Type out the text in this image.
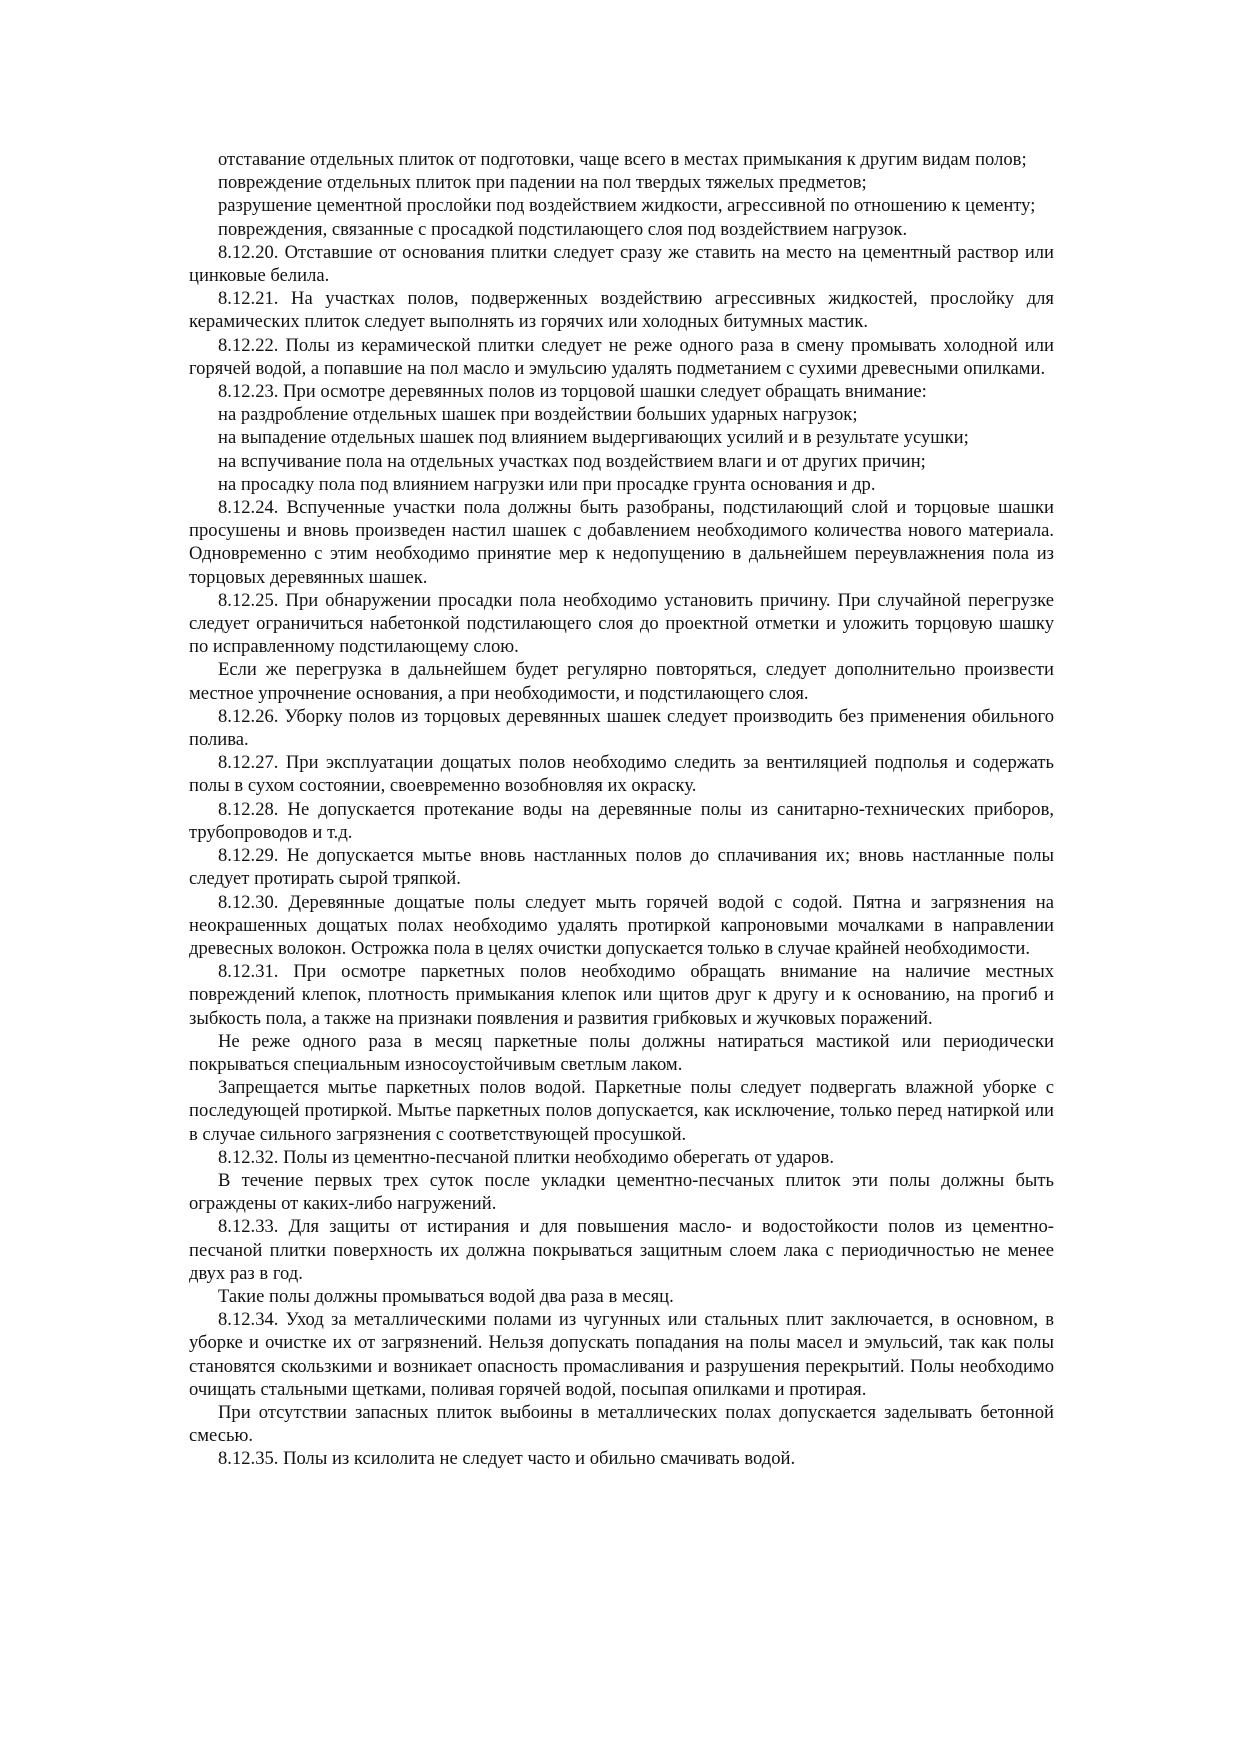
отставание отдельных плиток от подготовки, чаще всего в местах примыкания к другим видам полов;

повреждение отдельных плиток при падении на пол твердых тяжелых предметов;

разрушение цементной прослойки под воздействием жидкости, агрессивной по отношению к цементу;

повреждения, связанные с просадкой подстилающего слоя под воздействием нагрузок.

8.12.20. Отставшие от основания плитки следует сразу же ставить на место на цементный раствор или цинковые белила.

8.12.21. На участках полов, подверженных воздействию агрессивных жидкостей, прослойку для керамических плиток следует выполнять из горячих или холодных битумных мастик.

8.12.22. Полы из керамической плитки следует не реже одного раза в смену промывать холодной или горячей водой, а попавшие на пол масло и эмульсию удалять подметанием с сухими древесными опилками.

8.12.23. При осмотре деревянных полов из торцовой шашки следует обращать внимание:

на раздробление отдельных шашек при воздействии больших ударных нагрузок;

на выпадение отдельных шашек под влиянием выдергивающих усилий и в результате усушки;

на вспучивание пола на отдельных участках под воздействием влаги и от других причин;

на просадку пола под влиянием нагрузки или при просадке грунта основания и др.

8.12.24. Вспученные участки пола должны быть разобраны, подстилающий слой и торцовые шашки просушены и вновь произведен настил шашек с добавлением необходимого количества нового материала. Одновременно с этим необходимо принятие мер к недопущению в дальнейшем переувлажнения пола из торцовых деревянных шашек.

8.12.25. При обнаружении просадки пола необходимо установить причину. При случайной перегрузке следует ограничиться набетонкой подстилающего слоя до проектной отметки и уложить торцовую шашку по исправленному подстилающему слою.

Если же перегрузка в дальнейшем будет регулярно повторяться, следует дополнительно произвести местное упрочнение основания, а при необходимости, и подстилающего слоя.

8.12.26. Уборку полов из торцовых деревянных шашек следует производить без применения обильного полива.

8.12.27. При эксплуатации дощатых полов необходимо следить за вентиляцией подполья и содержать полы в сухом состоянии, своевременно возобновляя их окраску.

8.12.28. Не допускается протекание воды на деревянные полы из санитарно-технических приборов, трубопроводов и т.д.

8.12.29. Не допускается мытье вновь настланных полов до сплачивания их; вновь настланные полы следует протирать сырой тряпкой.

8.12.30. Деревянные дощатые полы следует мыть горячей водой с содой. Пятна и загрязнения на неокрашенных дощатых полах необходимо удалять протиркой капроновыми мочалками в направлении древесных волокон. Острожка пола в целях очистки допускается только в случае крайней необходимости.

8.12.31. При осмотре паркетных полов необходимо обращать внимание на наличие местных повреждений клепок, плотность примыкания клепок или щитов друг к другу и к основанию, на прогиб и зыбкость пола, а также на признаки появления и развития грибковых и жучковых поражений.

Не реже одного раза в месяц паркетные полы должны натираться мастикой или периодически покрываться специальным износоустойчивым светлым лаком.

Запрещается мытье паркетных полов водой. Паркетные полы следует подвергать влажной уборке с последующей протиркой. Мытье паркетных полов допускается, как исключение, только перед натиркой или в случае сильного загрязнения с соответствующей просушкой.

8.12.32. Полы из цементно-песчаной плитки необходимо оберегать от ударов.

В течение первых трех суток после укладки цементно-песчаных плиток эти полы должны быть ограждены от каких-либо нагружений.

8.12.33. Для защиты от истирания и для повышения масло- и водостойкости полов из цементно-песчаной плитки поверхность их должна покрываться защитным слоем лака с периодичностью не менее двух раз в год.

Такие полы должны промываться водой два раза в месяц.

8.12.34. Уход за металлическими полами из чугунных или стальных плит заключается, в основном, в уборке и очистке их от загрязнений. Нельзя допускать попадания на полы масел и эмульсий, так как полы становятся скользкими и возникает опасность промасливания и разрушения перекрытий. Полы необходимо очищать стальными щетками, поливая горячей водой, посыпая опилками и протирая.

При отсутствии запасных плиток выбоины в металлических полах допускается заделывать бетонной смесью.

8.12.35. Полы из ксилолита не следует часто и обильно смачивать водой.
